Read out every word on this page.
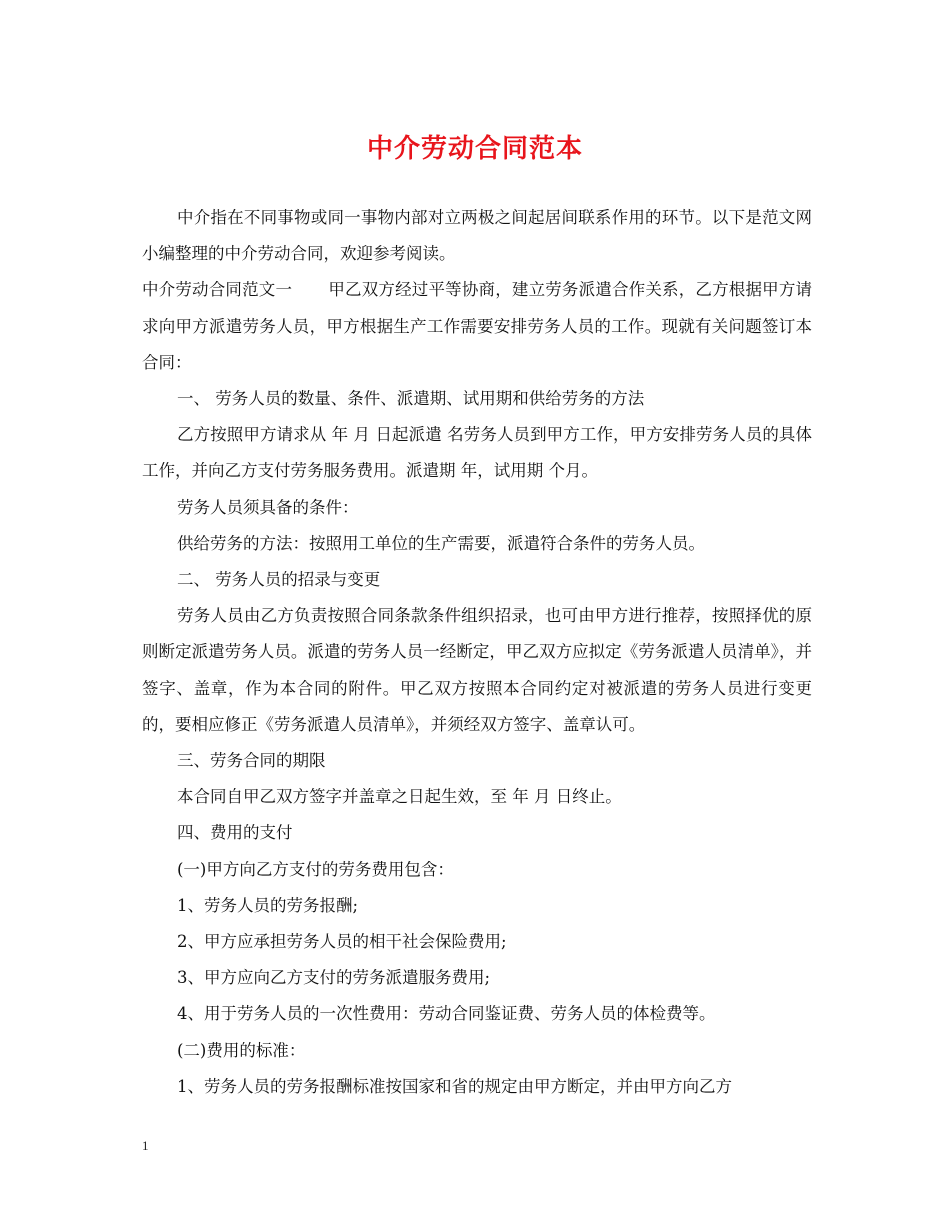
中介劳动合同范本

中介指在不同事物或同一事物内部对立两极之间起居间联系作用的环节。以下是范文网小编整理的中介劳动合同，欢迎参考阅读。

中介劳动合同范文一 甲乙双方经过平等协商，建立劳务派遣合作关系，乙方根据甲方请求向甲方派遣劳务人员，甲方根据生产工作需要安排劳务人员的工作。现就有关问题签订本合同：

一、 劳务人员的数量、条件、派遣期、试用期和供给劳务的方法

乙方按照甲方请求从 年 月 日起派遣 名劳务人员到甲方工作，甲方安排劳务人员的具体工作，并向乙方支付劳务服务费用。派遣期 年，试用期 个月。

劳务人员须具备的条件：

供给劳务的方法：按照用工单位的生产需要，派遣符合条件的劳务人员。

二、 劳务人员的招录与变更

劳务人员由乙方负责按照合同条款条件组织招录，也可由甲方进行推荐，按照择优的原则断定派遣劳务人员。派遣的劳务人员一经断定，甲乙双方应拟定《劳务派遣人员清单》，并签字、盖章，作为本合同的附件。甲乙双方按照本合同约定对被派遣的劳务人员进行变更的，要相应修正《劳务派遣人员清单》，并须经双方签字、盖章认可。

三、劳务合同的期限

本合同自甲乙双方签字并盖章之日起生效，至 年 月 日终止。

四、费用的支付

(一)甲方向乙方支付的劳务费用包含：

1、劳务人员的劳务报酬;

2、甲方应承担劳务人员的相干社会保险费用;

3、甲方应向乙方支付的劳务派遣服务费用;

4、用于劳务人员的一次性费用：劳动合同鉴证费、劳务人员的体检费等。

(二)费用的标准：

1、劳务人员的劳务报酬标准按国家和省的规定由甲方断定，并由甲方向乙方

1
